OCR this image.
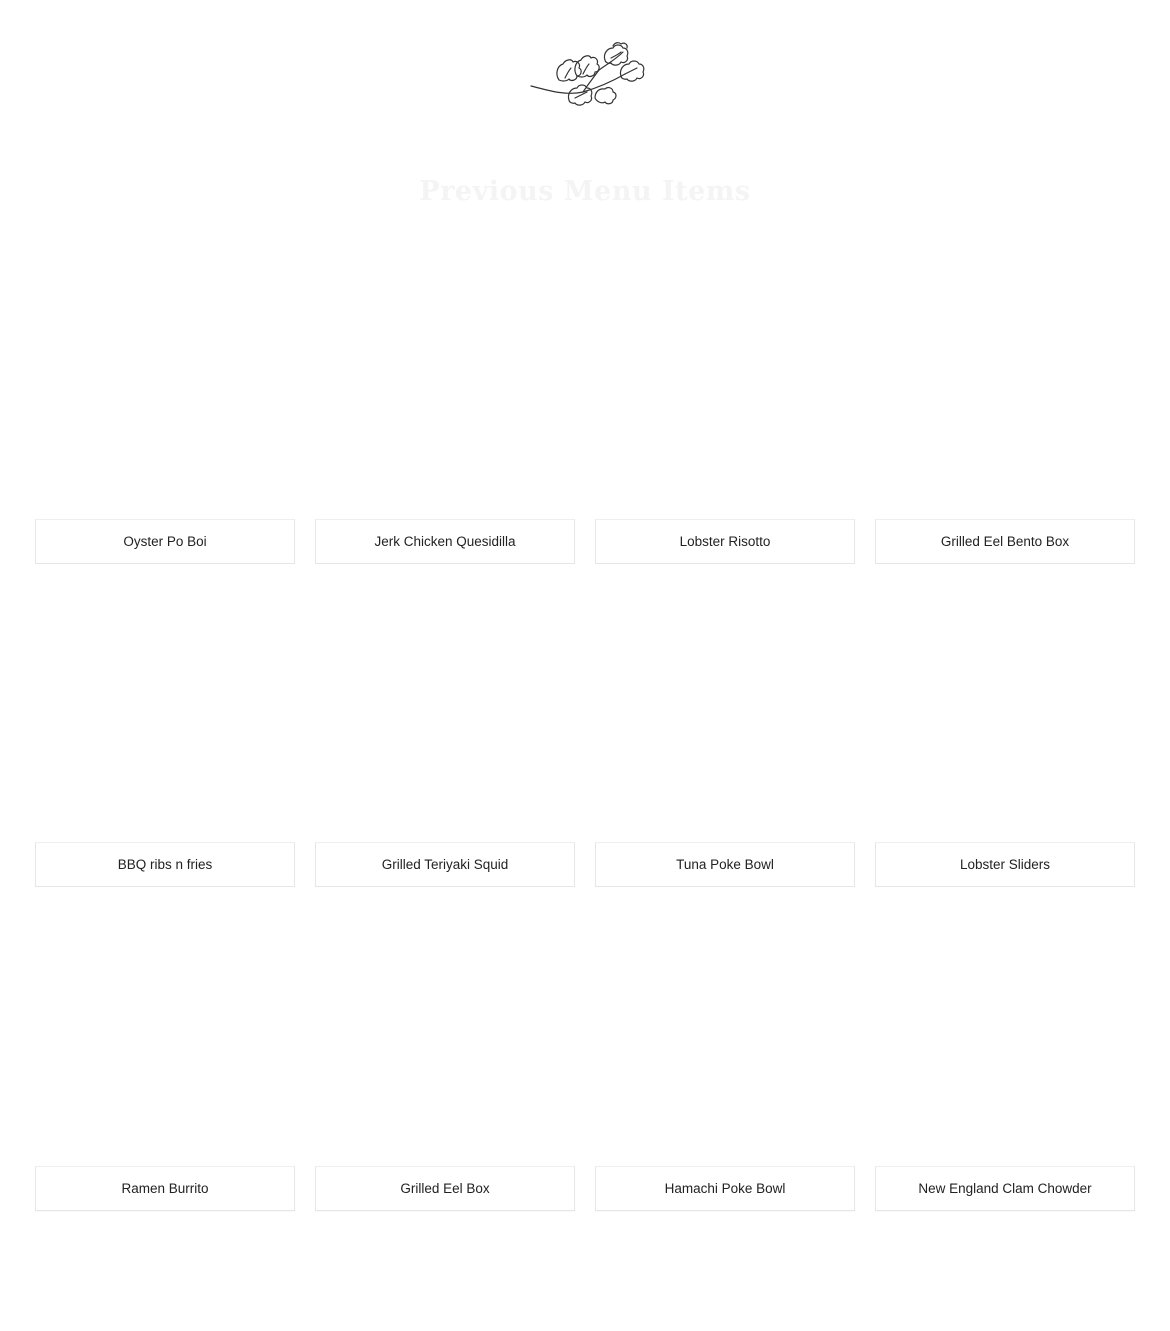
Previous Menu Items
Oyster Po Boi	Jerk Chicken Quesidilla	Lobster Risotto	Grilled Eel Bento Box
BBQ ribs n fries	Grilled Teriyaki Squid	Tuna Poke Bowl	Lobster Sliders
Ramen Burrito	Grilled Eel Box	Hamachi Poke Bowl	New England Clam Chowder
